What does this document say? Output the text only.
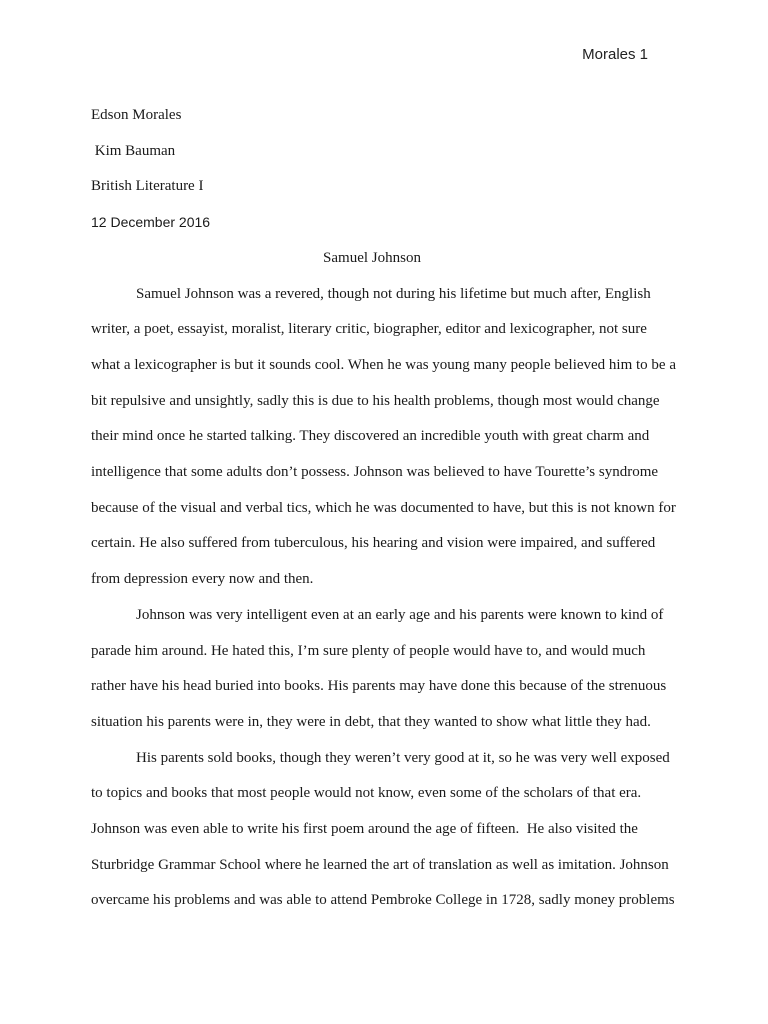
Morales 1
Edson Morales
Kim Bauman
British Literature I
12 December 2016
Samuel Johnson
Samuel Johnson was a revered, though not during his lifetime but much after, English
writer, a poet, essayist, moralist, literary critic, biographer, editor and lexicographer, not sure
what a lexicographer is but it sounds cool. When he was young many people believed him to be a
bit repulsive and unsightly, sadly this is due to his health problems, though most would change
their mind once he started talking. They discovered an incredible youth with great charm and
intelligence that some adults don’t possess. Johnson was believed to have Tourette’s syndrome
because of the visual and verbal tics, which he was documented to have, but this is not known for
certain. He also suffered from tuberculous, his hearing and vision were impaired, and suffered
from depression every now and then.
Johnson was very intelligent even at an early age and his parents were known to kind of
parade him around. He hated this, I’m sure plenty of people would have to, and would much
rather have his head buried into books. His parents may have done this because of the strenuous
situation his parents were in, they were in debt, that they wanted to show what little they had.
His parents sold books, though they weren’t very good at it, so he was very well exposed
to topics and books that most people would not know, even some of the scholars of that era.
Johnson was even able to write his first poem around the age of fifteen.  He also visited the
Sturbridge Grammar School where he learned the art of translation as well as imitation. Johnson
overcame his problems and was able to attend Pembroke College in 1728, sadly money problems
